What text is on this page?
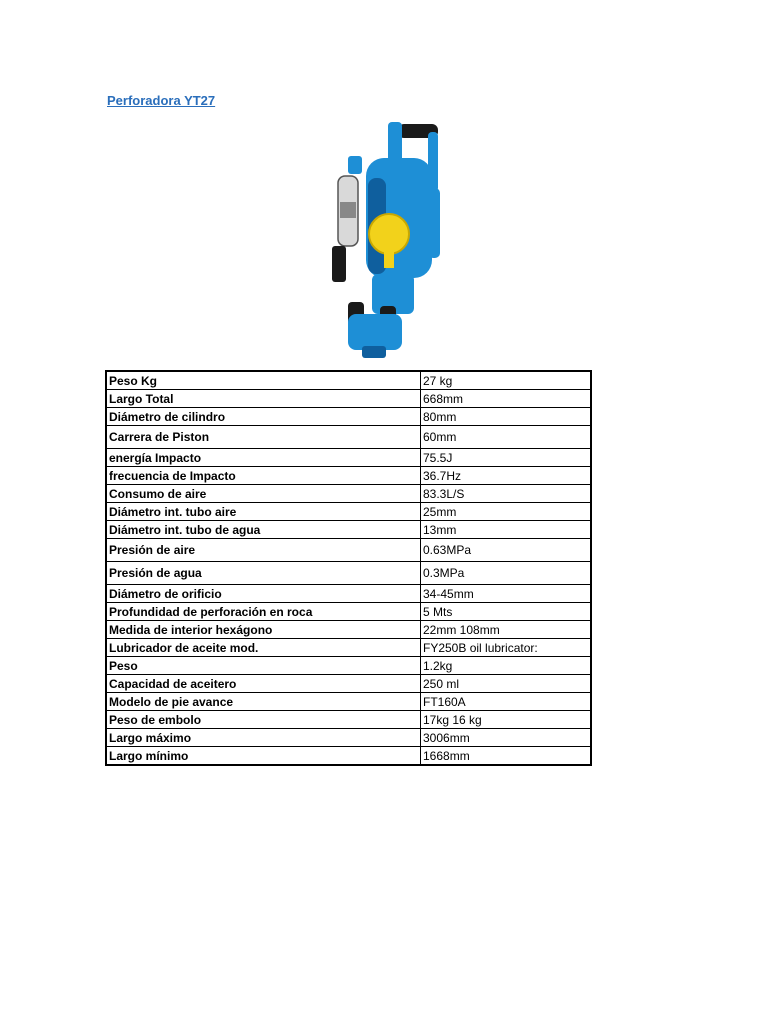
Perforadora YT27
Peso Kg	27 kg
Largo Total	668mm
Diámetro de cilindro	80mm
Carrera de Piston	60mm
energía Impacto	75.5J
frecuencia de Impacto	36.7Hz
Consumo de aire	83.3L/S
Diámetro int. tubo aire	25mm
Diámetro int. tubo de agua	13mm
Presión de aire	0.63MPa
Presión de agua	0.3MPa
Diámetro de orificio	34-45mm
Profundidad de perforación en roca	5 Mts
Medida de interior hexágono	22mm 108mm
Lubricador de aceite mod.	FY250B oil lubricator:
Peso	1.2kg
Capacidad de aceitero	250 ml
Modelo de pie avance	FT160A
Peso de embolo	17kg 16 kg
Largo máximo	3006mm
Largo mínimo	1668mm
